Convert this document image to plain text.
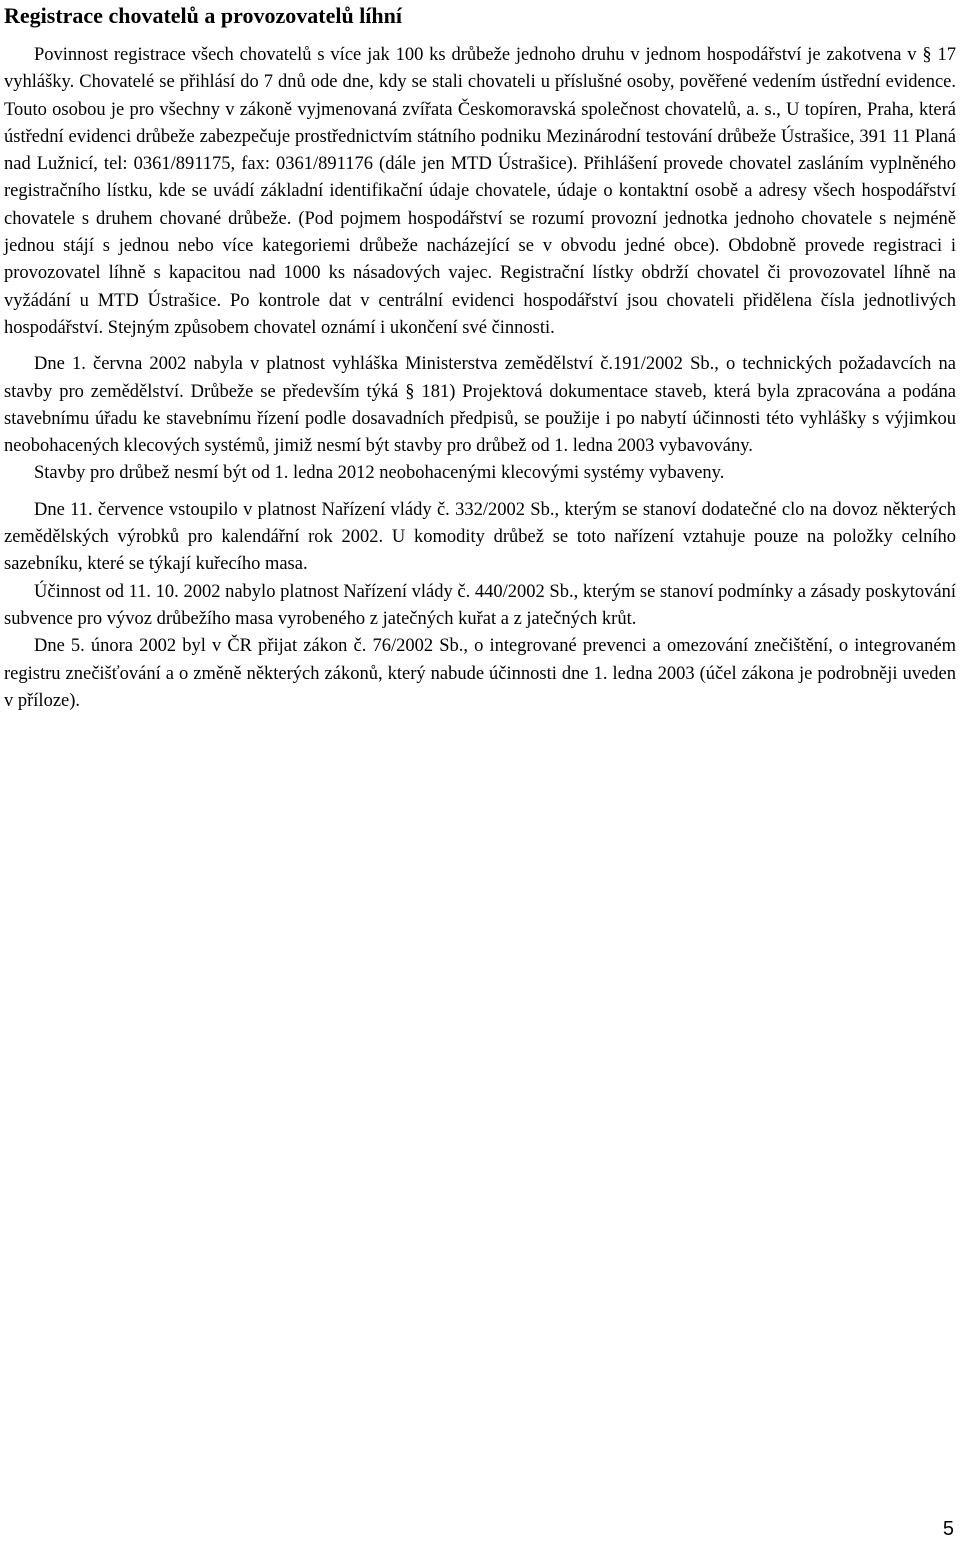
Registrace chovatelů a provozovatelů líhní

Povinnost registrace všech chovatelů s více jak 100 ks drůbeže jednoho druhu v jednom hospodářství je zakotvena v § 17 vyhlášky. Chovatelé se přihlásí do 7 dnů ode dne, kdy se stali chovateli u příslušné osoby, pověřené vedením ústřední evidence. Touto osobou je pro všechny v zákoně vyjmenovaná zvířata Českomoravská společnost chovatelů, a. s., U topíren, Praha, která ústřední evidenci drůbeže zabezpečuje prostřednictvím státního podniku Mezinárodní testování drůbeže Ústrašice, 391 11 Planá nad Lužnicí, tel: 0361/891175, fax: 0361/891176 (dále jen MTD Ústrašice). Přihlášení provede chovatel zasláním vyplněného registračního lístku, kde se uvádí základní identifikační údaje chovatele, údaje o kontaktní osobě a adresy všech hospodářství chovatele s druhem chované drůbeže. (Pod pojmem hospodářství se rozumí provozní jednotka jednoho chovatele s nejméně jednou stájí s jednou nebo více kategoriemi drůbeže nacházející se v obvodu jedné obce). Obdobně provede registraci i provozovatel líhně s kapacitou nad 1000 ks násadových vajec. Registrační lístky obdrží chovatel či provozovatel líhně na vyžádání u MTD Ústrašice. Po kontrole dat v centrální evidenci hospodářství jsou chovateli přidělena čísla jednotlivých hospodářství. Stejným způsobem chovatel oznámí i ukončení své činnosti.

Dne 1. června 2002 nabyla v platnost vyhláška Ministerstva zemědělství č.191/2002 Sb., o technických požadavcích na stavby pro zemědělství. Drůbeže se především týká § 181) Projektová dokumentace staveb, která byla zpracována a podána stavebnímu úřadu ke stavebnímu řízení podle dosavadních předpisů, se použije i po nabytí účinnosti této vyhlášky s výjimkou neobohacených klecových systémů, jimiž nesmí být stavby pro drůbež od 1. ledna 2003 vybavovány.

Stavby pro drůbež nesmí být od 1. ledna 2012 neobohacenými klecovými systémy vybaveny.

Dne 11. července vstoupilo v platnost Nařízení vlády č. 332/2002 Sb., kterým se stanoví dodatečné clo na dovoz některých zemědělských výrobků pro kalendářní rok 2002. U komodity drůbež se toto nařízení vztahuje pouze na položky celního sazebníku, které se týkají kuřecího masa.

Účinnost od 11. 10. 2002 nabylo platnost Nařízení vlády č. 440/2002 Sb., kterým se stanoví podmínky a zásady poskytování subvence pro vývoz drůbežího masa vyrobeného z jatečných kuřat a z jatečných krůt.

Dne 5. února 2002 byl v ČR přijat zákon č. 76/2002 Sb., o integrované prevenci a omezování znečištění, o integrovaném registru znečišťování a o změně některých zákonů, který nabude účinnosti dne 1. ledna 2003 (účel zákona je podrobněji uveden v příloze).

5
